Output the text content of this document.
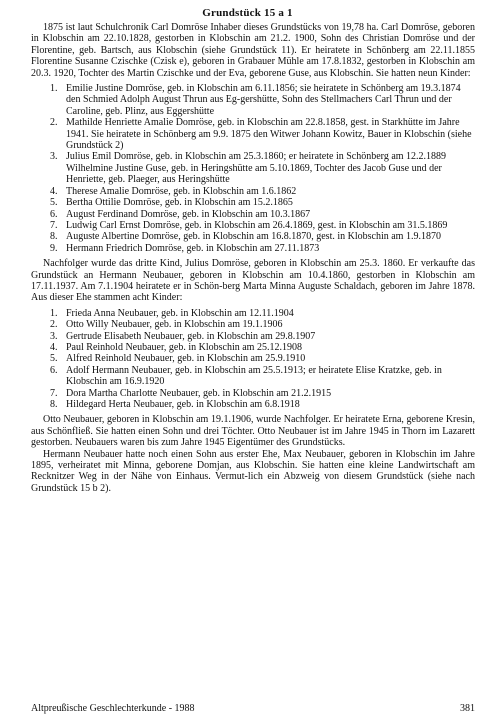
Grundstück 15 a 1

1875 ist laut Schulchronik Carl Domröse Inhaber dieses Grundstücks von 19,78 ha. Carl Domröse, geboren in Klobschin am 22.10.1828, gestorben in Klobschin am 21.2. 1900, Sohn des Christian Domröse und der Florentine, geb. Bartsch, aus Klobschin (siehe Grundstück 11). Er heiratete in Schönberg am 22.11.1855 Florentine Susanne Czischke (Czisk e), geboren in Grabauer Mühle am 17.8.1832, gestorben in Klobschin am 20.3. 1920, Tochter des Martin Czischke und der Eva, geborene Guse, aus Klobschin. Sie hatten neun Kinder:

1. Emilie Justine Domröse, geb. in Klobschin am 6.11.1856; sie heiratete in Schönberg am 19.3.1874 den Schmied Adolph August Thrun aus Eg-gershütte, Sohn des Stellmachers Carl Thrun und der Caroline, geb. Plinz, aus Eggershütte
2. Mathilde Henriette Amalie Domröse, geb. in Klobschin am 22.8.1858, gest. in Starkhütte im Jahre 1941. Sie heiratete in Schönberg am 9.9. 1875 den Witwer Johann Kowitz, Bauer in Klobschin (siehe Grundstück 2)
3. Julius Emil Domröse, geb. in Klobschin am 25.3.1860; er heiratete in Schönberg am 12.2.1889 Wilhelmine Justine Guse, geb. in Heringshütte am 5.10.1869, Tochter des Jacob Guse und der Henriette, geb. Plaeger, aus Heringshütte
4. Therese Amalie Domröse, geb. in Klobschin am 1.6.1862
5. Bertha Ottilie Domröse, geb. in Klobschin am 15.2.1865
6. August Ferdinand Domröse, geb. in Klobschin am 10.3.1867
7. Ludwig Carl Ernst Domröse, geb. in Klobschin am 26.4.1869, gest. in Klobschin am 31.5.1869
8. Auguste Albertine Domröse, geb. in Klobschin am 16.8.1870, gest. in Klobschin am 1.9.1870
9. Hermann Friedrich Domröse, geb. in Klobschin am 27.11.1873

Nachfolger wurde das dritte Kind, Julius Domröse, geboren in Klobschin am 25.3. 1860. Er verkaufte das Grundstück an Hermann Neubauer, geboren in Klobschin am 10.4.1860, gestorben in Klobschin am 17.11.1937. Am 7.1.1904 heiratete er in Schön-berg Marta Minna Auguste Schaldach, geboren im Jahre 1878. Aus dieser Ehe stammen acht Kinder:

1. Frieda Anna Neubauer, geb. in Klobschin am 12.11.1904
2. Otto Willy Neubauer, geb. in Klobschin am 19.1.1906
3. Gertrude Elisabeth Neubauer, geb. in Klobschin am 29.8.1907
4. Paul Reinhold Neubauer, geb. in Klobschin am 25.12.1908
5. Alfred Reinhold Neubauer, geb. in Klobschin am 25.9.1910
6. Adolf Hermann Neubauer, geb. in Klobschin am 25.5.1913; er heiratete Elise Kratzke, geb. in Klobschin am 16.9.1920
7. Dora Martha Charlotte Neubauer, geb. in Klobschin am 21.2.1915
8. Hildegard Herta Neubauer, geb. in Klobschin am 6.8.1918

Otto Neubauer, geboren in Klobschin am 19.1.1906, wurde Nachfolger. Er heiratete Erna, geborene Kresin, aus Schönfließ. Sie hatten einen Sohn und drei Töchter. Otto Neubauer ist im Jahre 1945 in Thorn im Lazarett gestorben. Neubauers waren bis zum Jahre 1945 Eigentümer des Grundstücks.

Hermann Neubauer hatte noch einen Sohn aus erster Ehe, Max Neubauer, geboren in Klobschin im Jahre 1895, verheiratet mit Minna, geborene Domjan, aus Klobschin. Sie hatten eine kleine Landwirtschaft am Recknitzer Weg in der Nähe von Einhaus. Vermut-lich ein Abzweig von diesem Grundstück (siehe nach Grundstück 15 b 2).

Altpreußische Geschlechterkunde - 1988	381
